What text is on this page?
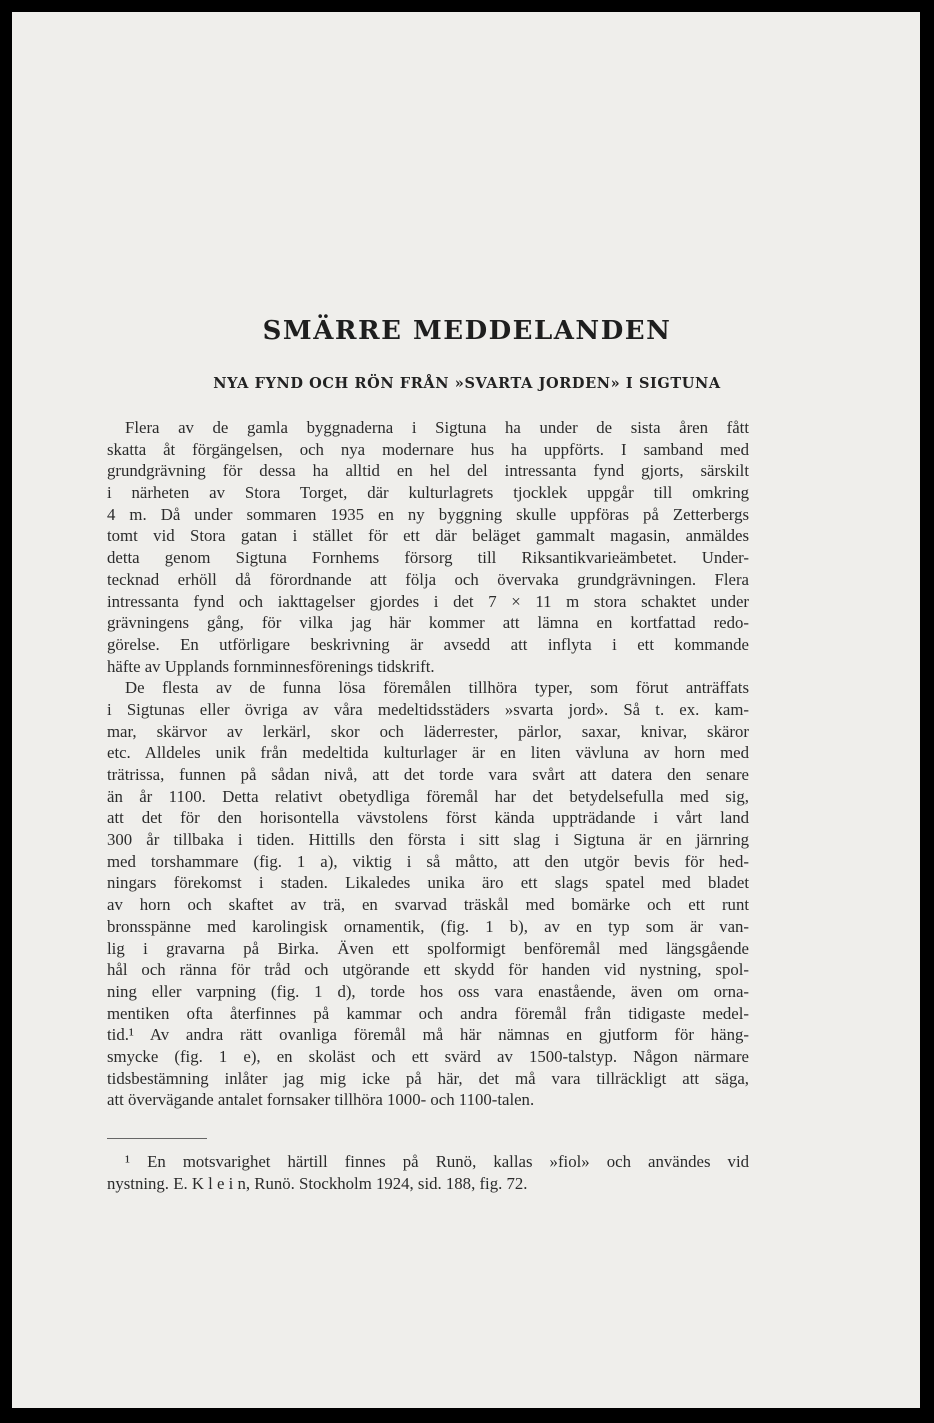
SMÄRRE MEDDELANDEN
NYA FYND OCH RÖN FRÅN »SVARTA JORDEN» I SIGTUNA
Flera av de gamla byggnaderna i Sigtuna ha under de sista åren fått
skatta åt förgängelsen, och nya modernare hus ha uppförts. I samband med
grundgrävning för dessa ha alltid en hel del intressanta fynd gjorts, särskilt
i närheten av Stora Torget, där kulturlagrets tjocklek uppgår till omkring
4 m. Då under sommaren 1935 en ny byggning skulle uppföras på Zetterbergs
tomt vid Stora gatan i stället för ett där beläget gammalt magasin, anmäldes
detta genom Sigtuna Fornhems försorg till Riksantikvarieämbetet. Under-
tecknad erhöll då förordnande att följa och övervaka grundgrävningen. Flera
intressanta fynd och iakttagelser gjordes i det 7 × 11 m stora schaktet under
grävningens gång, för vilka jag här kommer att lämna en kortfattad redo-
görelse. En utförligare beskrivning är avsedd att inflyta i ett kommande
häfte av Upplands fornminnesförenings tidskrift.
De flesta av de funna lösa föremålen tillhöra typer, som förut anträffats
i Sigtunas eller övriga av våra medeltidsstäders »svarta jord». Så t. ex. kam-
mar, skärvor av lerkärl, skor och läderrester, pärlor, saxar, knivar, skäror
etc. Alldeles unik från medeltida kulturlager är en liten vävluna av horn med
trätrissa, funnen på sådan nivå, att det torde vara svårt att datera den senare
än år 1100. Detta relativt obetydliga föremål har det betydelsefulla med sig,
att det för den horisontella vävstolens först kända uppträdande i vårt land
300 år tillbaka i tiden. Hittills den första i sitt slag i Sigtuna är en järnring
med torshammare (fig. 1 a), viktig i så måtto, att den utgör bevis för hed-
ningars förekomst i staden. Likaledes unika äro ett slags spatel med bladet
av horn och skaftet av trä, en svarvad träskål med bomärke och ett runt
bronsspänne med karolingisk ornamentik, (fig. 1 b), av en typ som är van-
lig i gravarna på Birka. Även ett spolformigt benföremål med längsgående
hål och ränna för tråd och utgörande ett skydd för handen vid nystning, spol-
ning eller varpning (fig. 1 d), torde hos oss vara enastående, även om orna-
mentiken ofta återfinnes på kammar och andra föremål från tidigaste medel-
tid.¹ Av andra rätt ovanliga föremål må här nämnas en gjutform för häng-
smycke (fig. 1 e), en skoläst och ett svärd av 1500-talstyp. Någon närmare
tidsbestämning inlåter jag mig icke på här, det må vara tillräckligt att säga,
att övervägande antalet fornsaker tillhöra 1000- och 1100-talen.
¹ En motsvarighet härtill finnes på Runö, kallas »fiol» och användes vid
nystning. E. K l e i n, Runö. Stockholm 1924, sid. 188, fig. 72.
